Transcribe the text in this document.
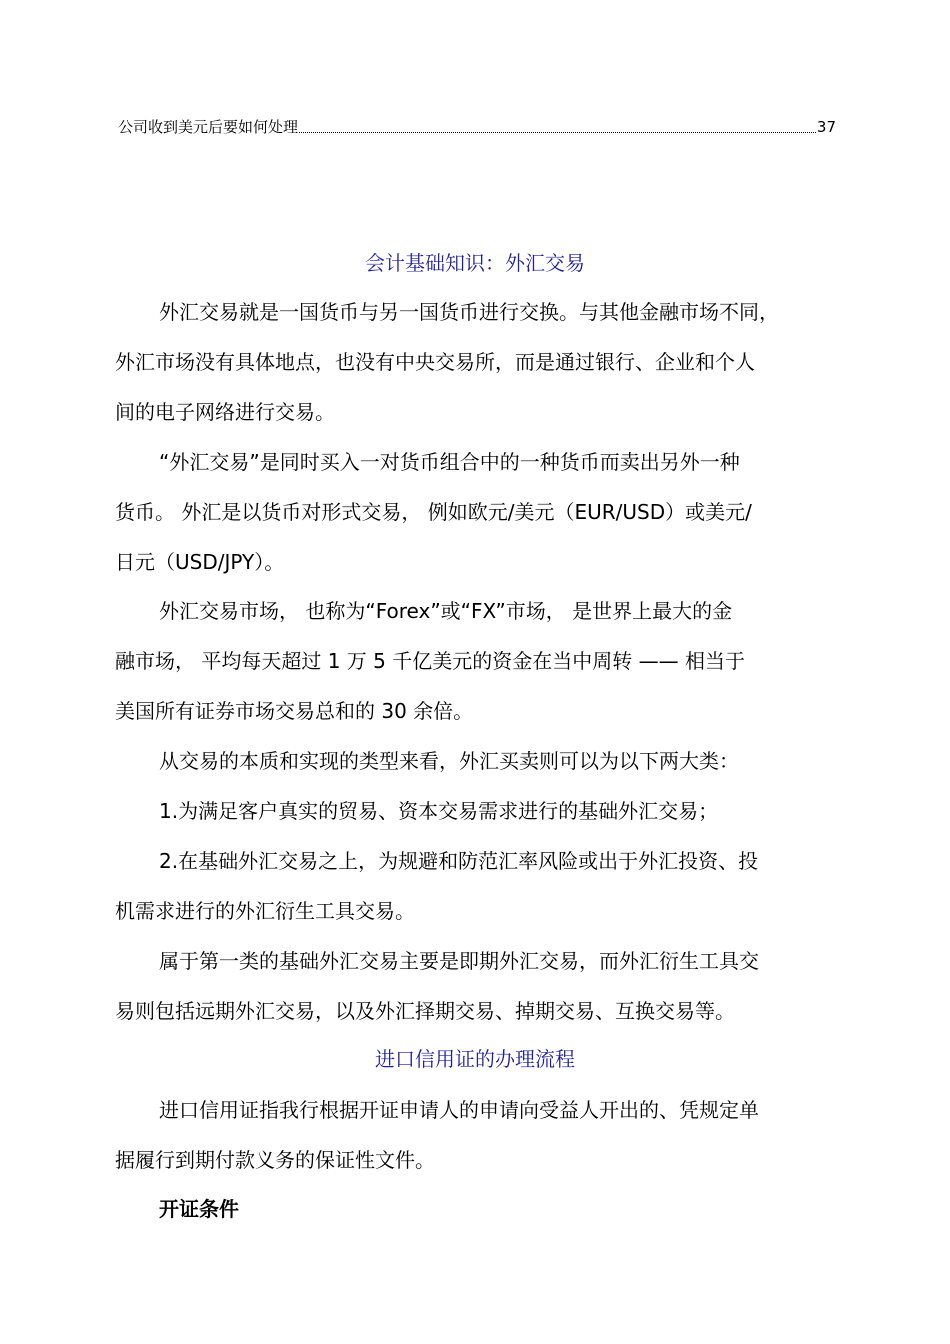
公司收到美元后要如何处理	37
会计基础知识：外汇交易
外汇交易就是一国货币与另一国货币进行交换。与其他金融市场不同，
外汇市场没有具体地点，也没有中央交易所，而是通过银行、企业和个人
间的电子网络进行交易。
“外汇交易”是同时买入一对货币组合中的一种货币而卖出另外一种
货币。 外汇是以货币对形式交易， 例如欧元/美元（EUR/USD）或美元/
日元（USD/JPY）。
外汇交易市场， 也称为“Forex”或“FX”市场， 是世界上最大的金
融市场， 平均每天超过 1 万 5 千亿美元的资金在当中周转 —— 相当于
美国所有证券市场交易总和的 30 余倍。
从交易的本质和实现的类型来看，外汇买卖则可以为以下两大类：
1.为满足客户真实的贸易、资本交易需求进行的基础外汇交易；
2.在基础外汇交易之上，为规避和防范汇率风险或出于外汇投资、投
机需求进行的外汇衍生工具交易。
属于第一类的基础外汇交易主要是即期外汇交易，而外汇衍生工具交
易则包括远期外汇交易，以及外汇择期交易、掉期交易、互换交易等。
进口信用证的办理流程
进口信用证指我行根据开证申请人的申请向受益人开出的、凭规定单
据履行到期付款义务的保证性文件。
开证条件
